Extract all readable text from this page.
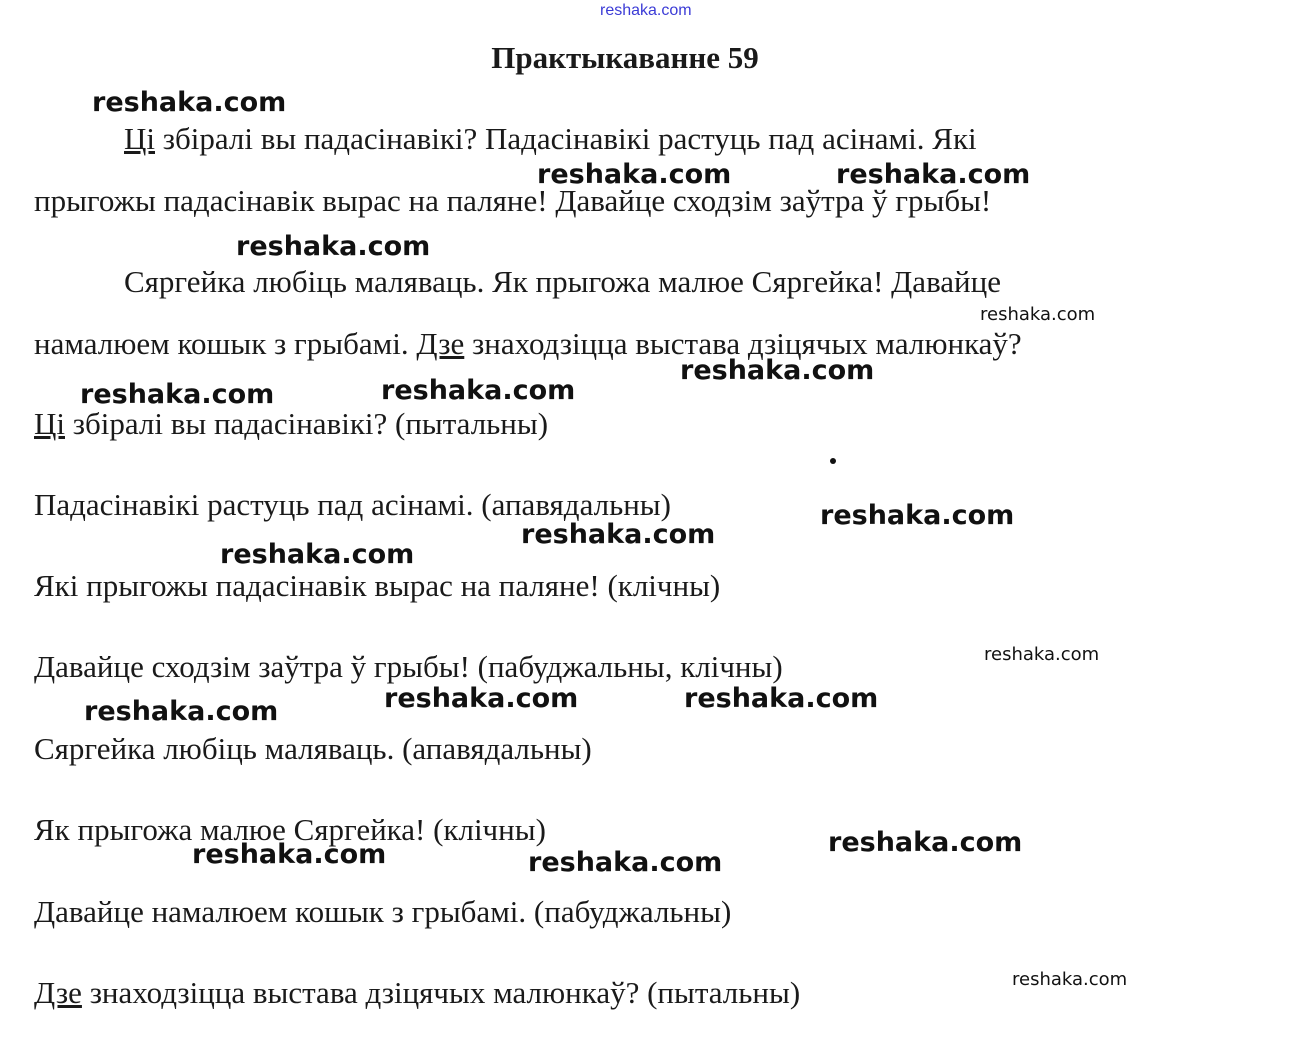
reshaka.com
Практыкаванне 59
Ці збіралі вы падасінавікі? Падасінавікі растуць пад асінамі. Які
прыгожы падасінавік вырас на паляне! Давайце сходзім заўтра ў грыбы!
Сяргейка любіць маляваць. Як прыгожа малюе Сяргейка! Давайце
намалюем кошык з грыбамі. Дзе знаходзіцца выстава дзіцячых малюнкаў?
Ці збіралі вы падасінавікі? (пытальны)
Падасінавікі растуць пад асінамі. (апавядальны)
Які прыгожы падасінавік вырас на паляне! (клічны)
Давайце сходзім заўтра ў грыбы! (пабуджальны, клічны)
Сяргейка любіць маляваць. (апавядальны)
Як прыгожа малюе Сяргейка! (клічны)
Давайце намалюем кошык з грыбамі. (пабуджальны)
Дзе знаходзіцца выстава дзіцячых малюнкаў? (пытальны)
reshaka.com
reshaka.com	reshaka.com
reshaka.com
reshaka.com
reshaka.com
reshaka.com	reshaka.com
reshaka.com
reshaka.com
reshaka.com
reshaka.com
reshaka.com	reshaka.com
reshaka.com
reshaka.com
reshaka.com	reshaka.com
reshaka.com
